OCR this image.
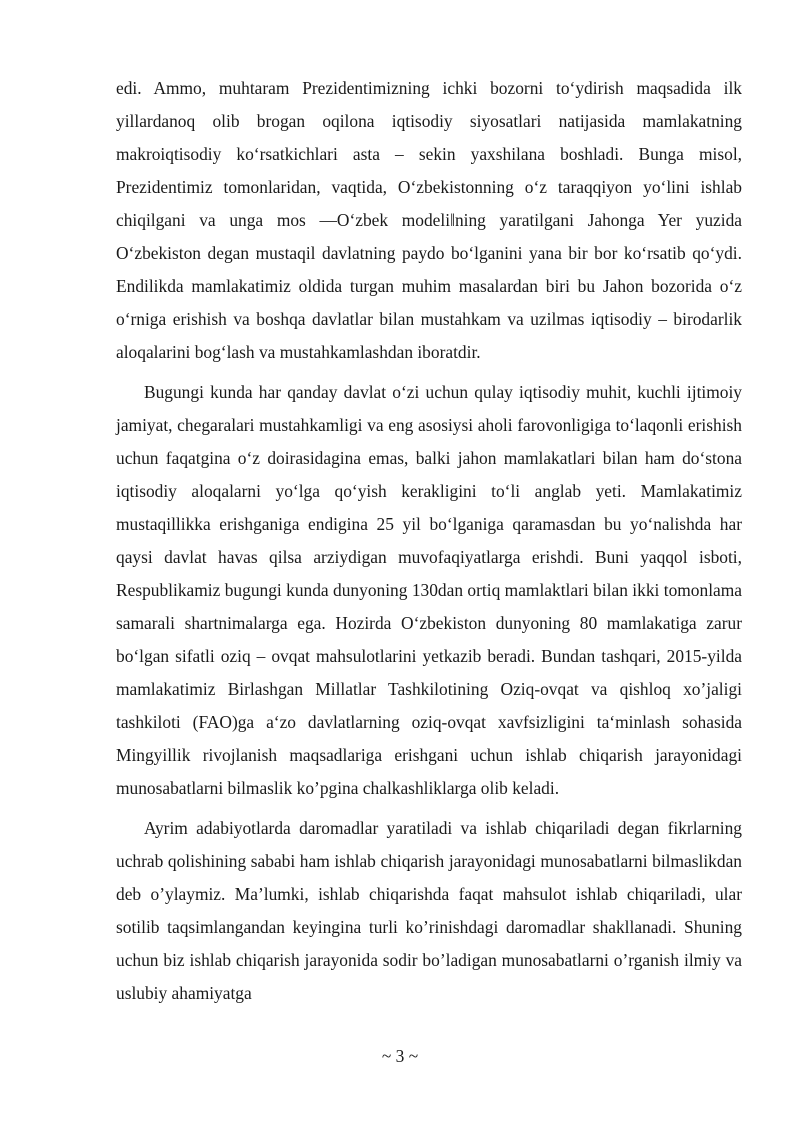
edi. Ammo, muhtaram Prezidentimizning ichki bozorni to‘ydirish maqsadida ilk yillardanoq olib brogan oqilona iqtisodiy siyosatlari natijasida mamlakatning makroiqtisodiy ko‘rsatkichlari asta – sekin yaxshilana boshladi. Bunga misol, Prezidentimiz tomonlaridan, vaqtida, O‘zbekistonning o‘z taraqqiyon yo‘lini ishlab chiqilgani va unga mos ―O‘zbek modeli‖ning yaratilgani Jahonga Yer yuzida O‘zbekiston degan mustaqil davlatning paydo bo‘lganini yana bir bor ko‘rsatib qo‘ydi. Endilikda mamlakatimiz oldida turgan muhim masalardan biri bu Jahon bozorida o‘z o‘rniga erishish va boshqa davlatlar bilan mustahkam va uzilmas iqtisodiy – birodarlik aloqalarini bog‘lash va mustahkamlashdan iboratdir.

Bugungi kunda har qanday davlat o‘zi uchun qulay iqtisodiy muhit, kuchli ijtimoiy jamiyat, chegaralari mustahkamligi va eng asosiysi aholi farovonligiga to‘laqonli erishish uchun faqatgina o‘z doirasidagina emas, balki jahon mamlakatlari bilan ham do‘stona iqtisodiy aloqalarni yo‘lga qo‘yish kerakligini to‘li anglab yeti. Mamlakatimiz mustaqillikka erishganiga endigina 25 yil bo‘lganiga qaramasdan bu yo‘nalishda har qaysi davlat havas qilsa arziydigan muvofaqiyatlarga erishdi. Buni yaqqol isboti, Respublikamiz bugungi kunda dunyoning 130dan ortiq mamlaktlari bilan ikki tomonlama samarali shartnimalarga ega. Hozirda O‘zbekiston dunyoning 80 mamlakatiga zarur bo‘lgan sifatli oziq – ovqat mahsulotlarini yetkazib beradi. Bundan tashqari, 2015-yilda mamlakatimiz Birlashgan Millatlar Tashkilotining Oziq-ovqat va qishloq xo’jaligi tashkiloti (FAO)ga a‘zo davlatlarning oziq-ovqat xavfsizligini ta‘minlash sohasida Mingyillik rivojlanish maqsadlariga erishgani uchun ishlab chiqarish jarayonidagi munosabatlarni bilmaslik ko’pgina chalkashliklarga olib keladi.

Ayrim adabiyotlarda daromadlar yaratiladi va ishlab chiqariladi degan fikrlarning uchrab qolishining sababi ham ishlab chiqarish jarayonidagi munosabatlarni bilmaslikdan deb o’ylaymiz. Ma’lumki, ishlab chiqarishda faqat mahsulot ishlab chiqariladi, ular sotilib taqsimlangandan keyingina turli ko’rinishdagi daromadlar shakllanadi. Shuning uchun biz ishlab chiqarish jarayonida sodir bo’ladigan munosabatlarni o’rganish ilmiy va uslubiy ahamiyatga

~ 3 ~
